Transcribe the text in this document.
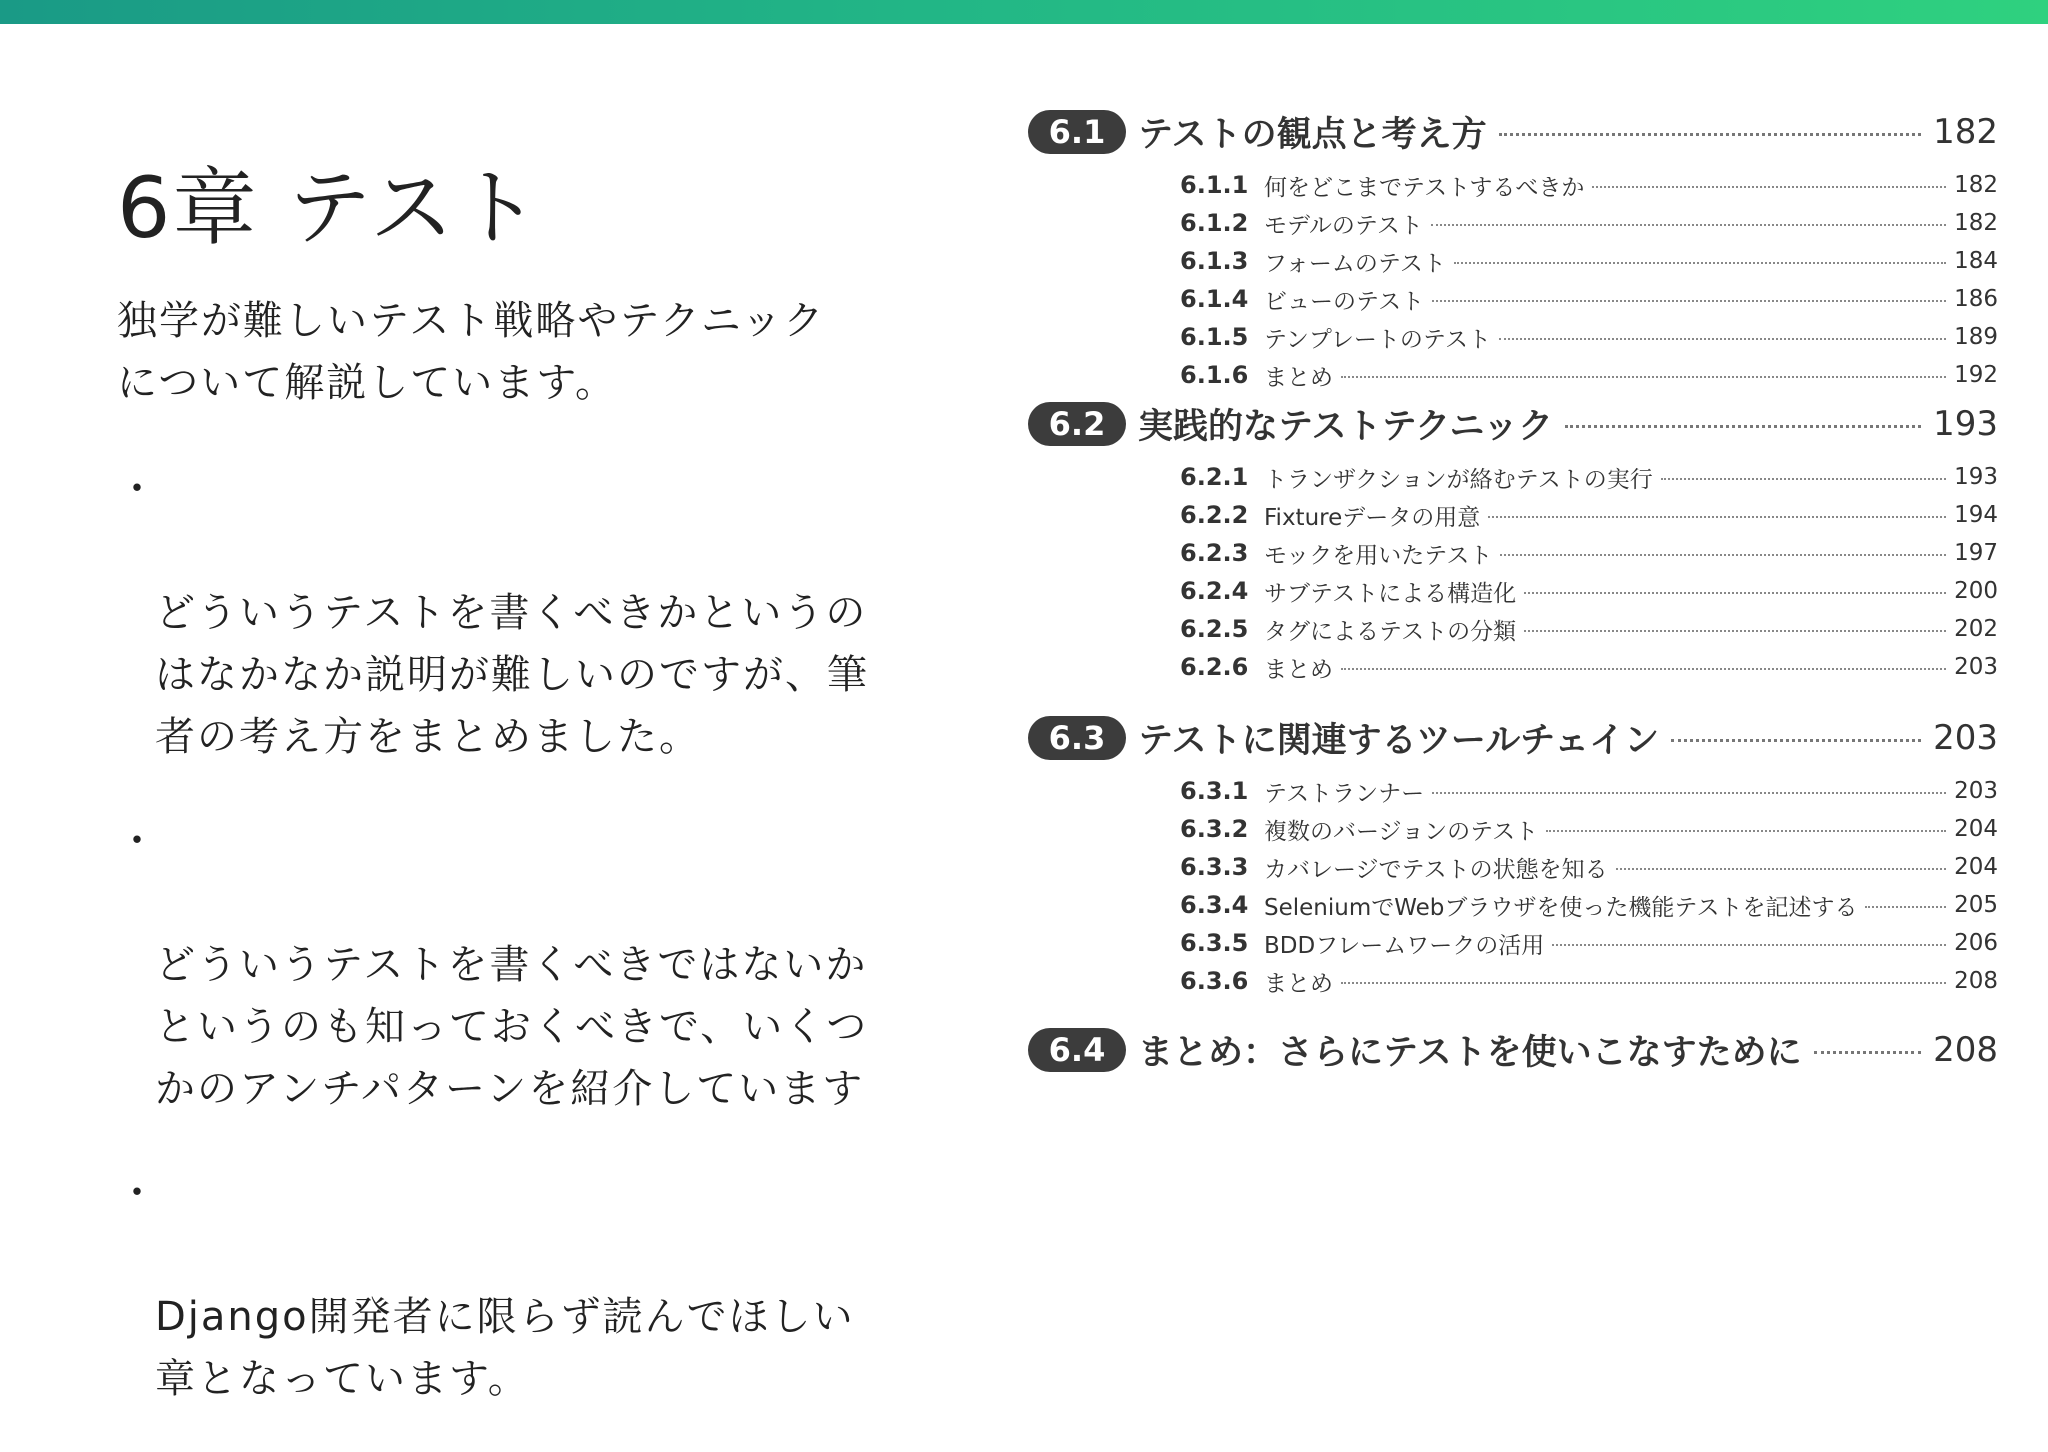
6章 テスト
独学が難しいテスト戦略やテクニック
について解説しています。

・

どういうテストを書くべきかというの
はなかなか説明が難しいのですが、筆
者の考え方をまとめました。

・

どういうテストを書くべきではないか
というのも知っておくべきで、いくつ
かのアンチパターンを紹介しています

・

Django開発者に限らず読んでほしい
章となっています。

6.1 テストの観点と考え方	182
6.1.1 何をどこまでテストするべきか	182
6.1.2 モデルのテスト	182
6.1.3 フォームのテスト	184
6.1.4 ビューのテスト	186
6.1.5 テンプレートのテスト	189
6.1.6 まとめ	192
6.2 実践的なテストテクニック	193
6.2.1 トランザクションが絡むテストの実行	193
6.2.2 Fixtureデータの用意	194
6.2.3 モックを用いたテスト	197
6.2.4 サブテストによる構造化	200
6.2.5 タグによるテストの分類	202
6.2.6 まとめ	203
6.3 テストに関連するツールチェイン	203
6.3.1 テストランナー	203
6.3.2 複数のバージョンのテスト	204
6.3.3 カバレージでテストの状態を知る	204
6.3.4 SeleniumでWebブラウザを使った機能テストを記述する	205
6.3.5 BDDフレームワークの活用	206
6.3.6 まとめ	208
6.4 まとめ：さらにテストを使いこなすために	208
